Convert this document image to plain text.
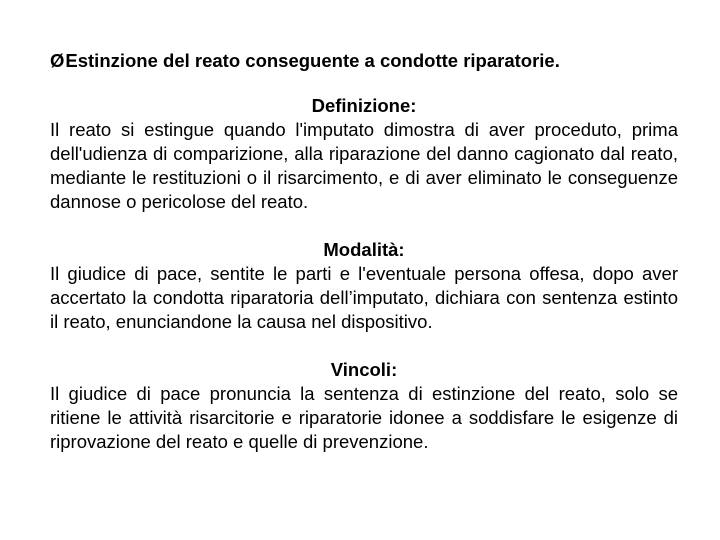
Ø Estinzione del reato conseguente a condotte riparatorie.

Definizione:

Il reato si estingue quando l'imputato dimostra di aver proceduto, prima dell'udienza di comparizione, alla riparazione del danno cagionato dal reato, mediante le restituzioni o il risarcimento, e di aver eliminato le conseguenze dannose o pericolose del reato.

Modalità:

Il giudice di pace, sentite le parti e l'eventuale persona offesa, dopo aver accertato la condotta riparatoria dell’imputato, dichiara con sentenza estinto il reato, enunciandone la causa nel dispositivo.

Vincoli:

Il giudice di pace pronuncia la sentenza di estinzione del reato, solo se ritiene le attività risarcitorie e riparatorie idonee a soddisfare le esigenze di riprovazione del reato e quelle di prevenzione.
